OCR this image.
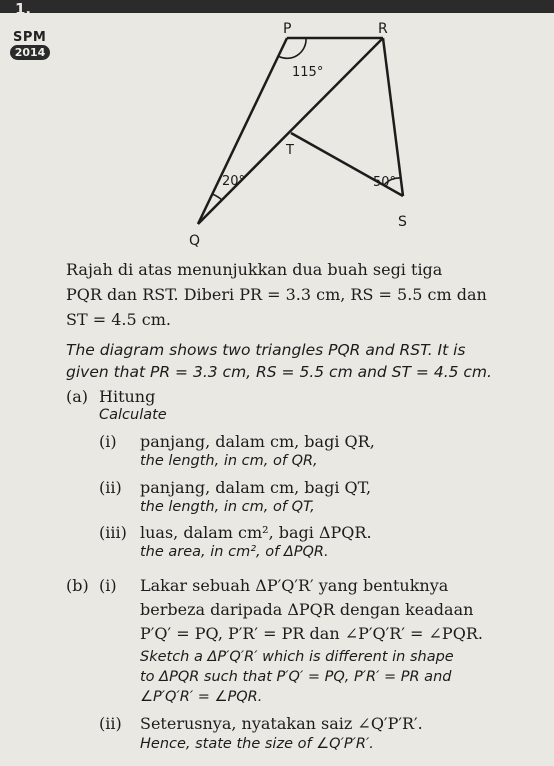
1.
SPM
2014
P	R
T
S
Q
115°
20°	50°
Rajah di atas menunjukkan dua buah segi tiga
PQR dan RST. Diberi PR = 3.3 cm, RS = 5.5 cm dan
ST = 4.5 cm.
The diagram shows two triangles PQR and RST. It is
given that PR = 3.3 cm, RS = 5.5 cm and ST = 4.5 cm.
(a) Hitung
Calculate
(i) panjang, dalam cm, bagi QR,
the length, in cm, of QR,
(ii) panjang, dalam cm, bagi QT,
the length, in cm, of QT,
(iii) luas, dalam cm², bagi ΔPQR.
the area, in cm², of ΔPQR.
(b) (i) Lakar sebuah ΔP′Q′R′ yang bentuknya
berbeza daripada ΔPQR dengan keadaan
P′Q′ = PQ, P′R′ = PR dan ∠P′Q′R′ = ∠PQR.
Sketch a ΔP′Q′R′ which is different in shape
to ΔPQR such that P′Q′ = PQ, P′R′ = PR and
∠P′Q′R′ = ∠PQR.
(ii) Seterusnya, nyatakan saiz ∠Q′P′R′.
Hence, state the size of ∠Q′P′R′.
